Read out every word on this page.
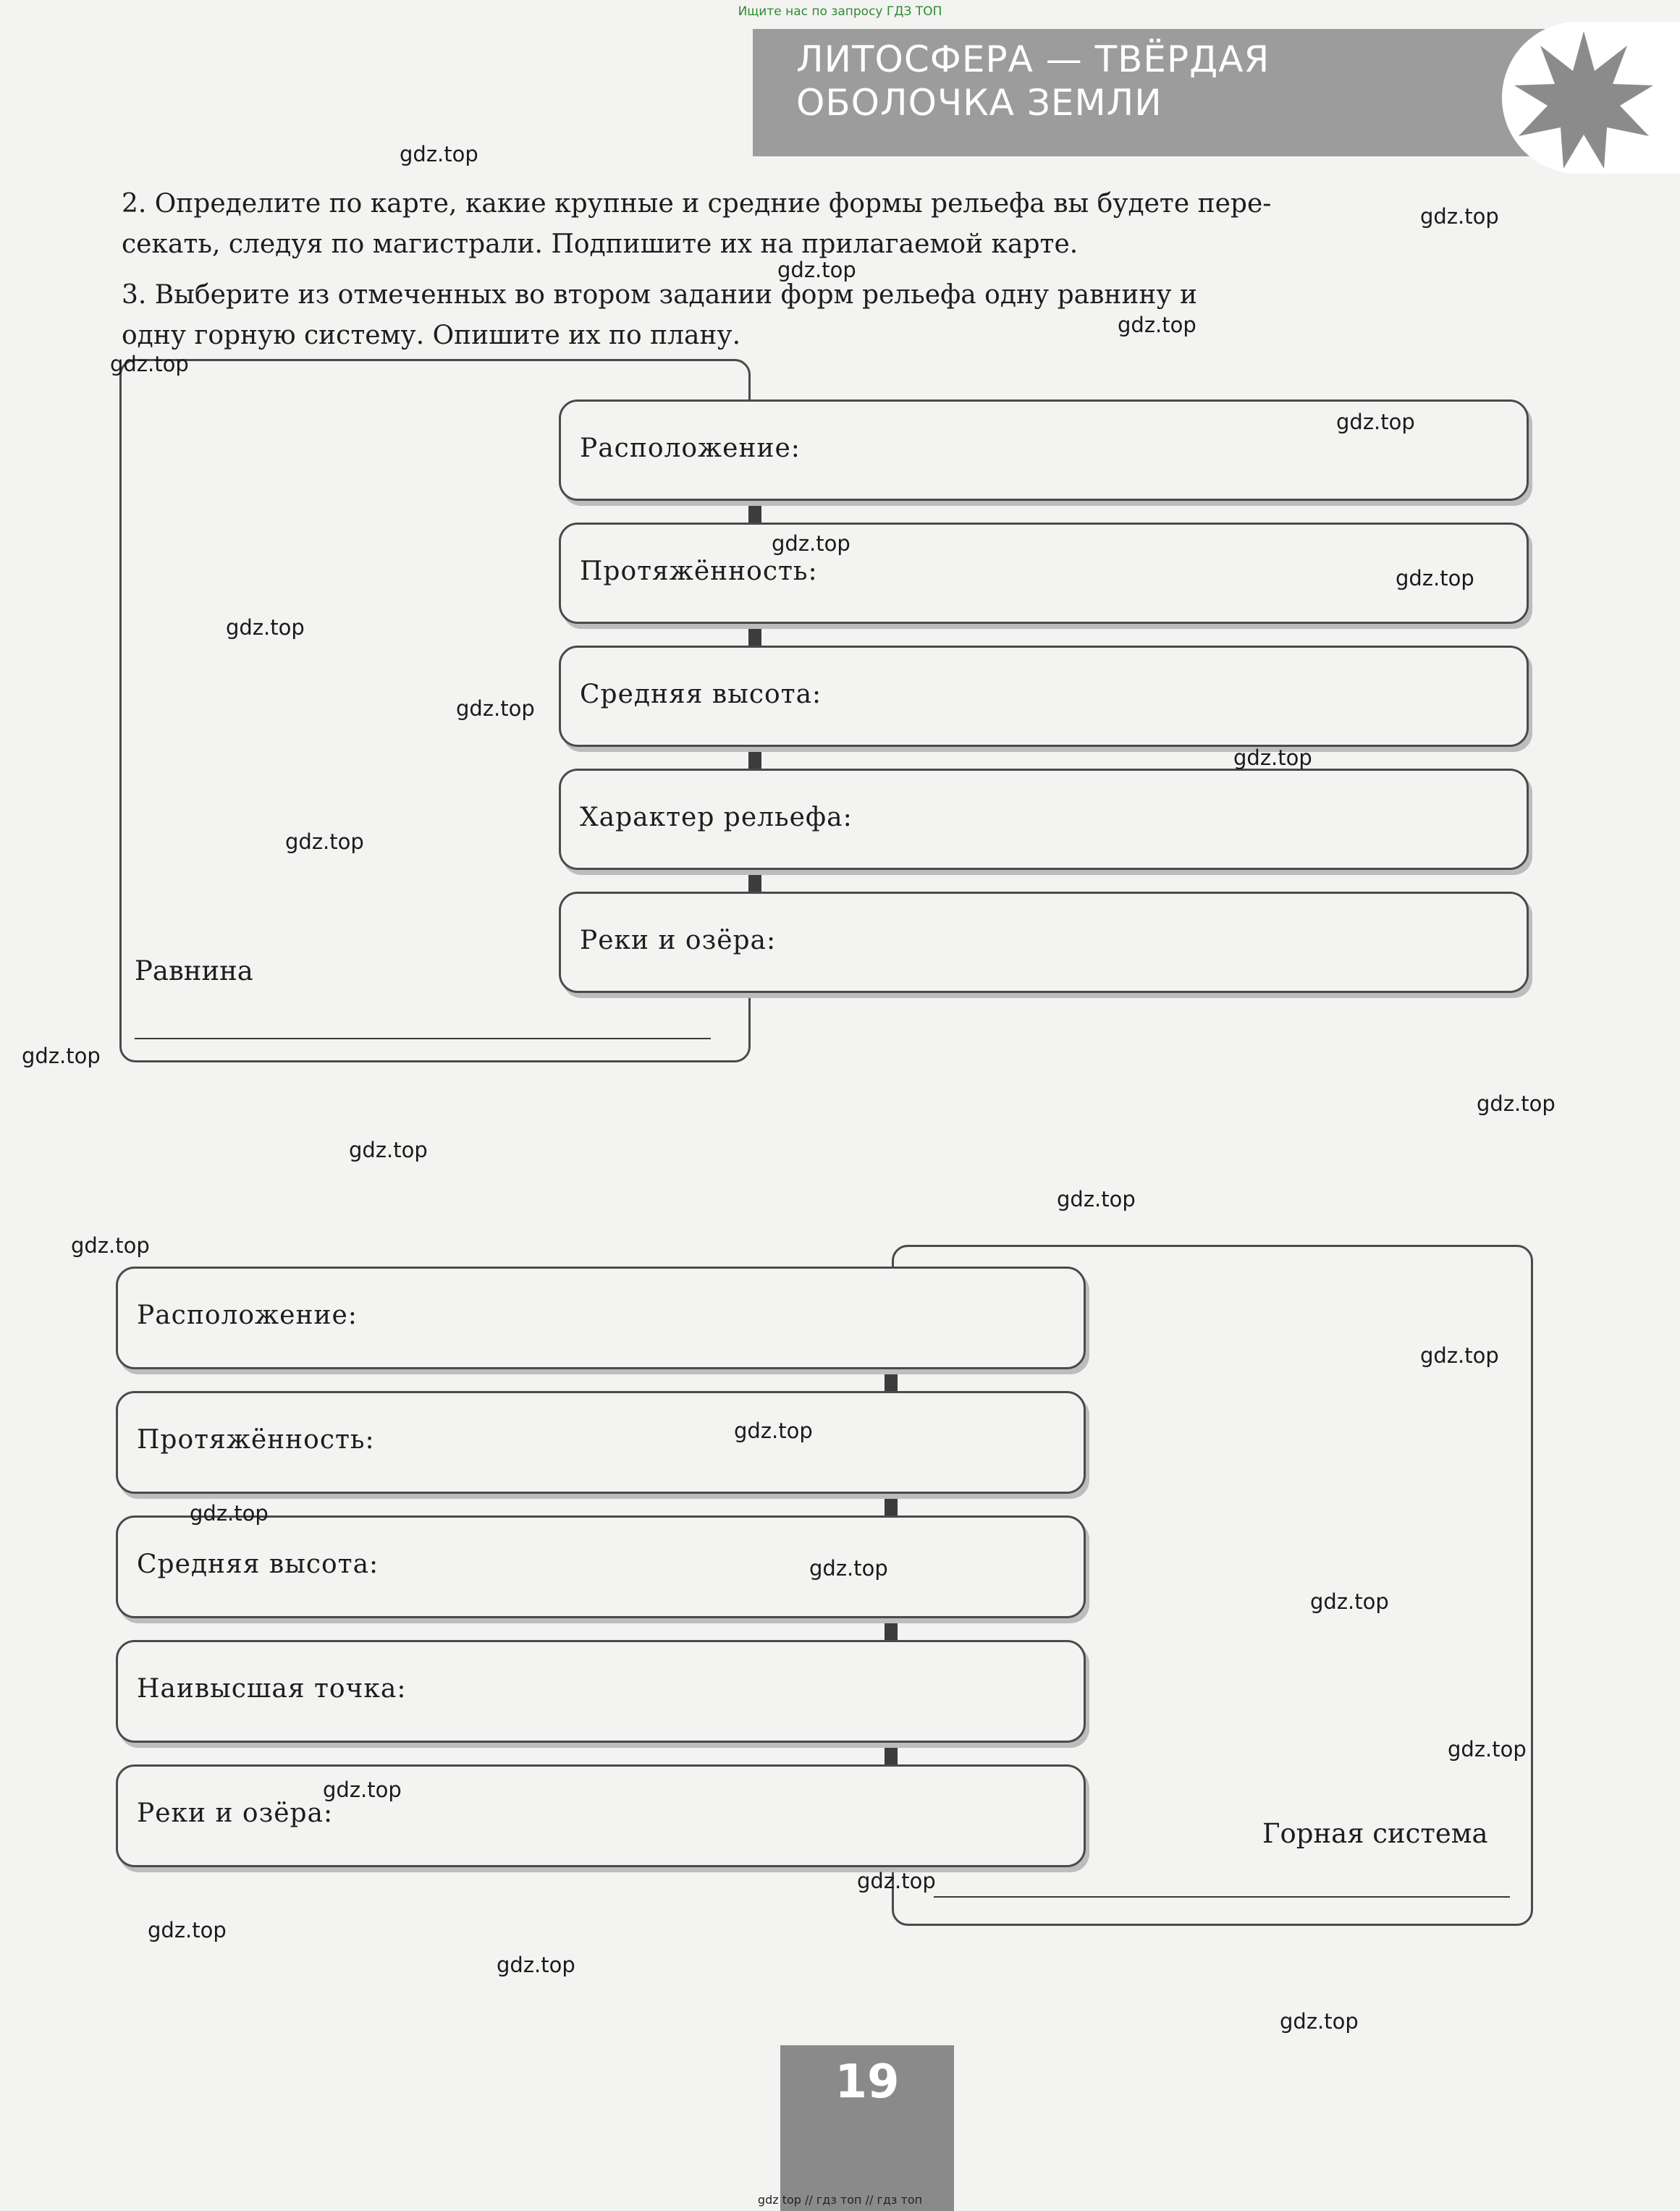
Ищите нас по запросу ГДЗ ТОП
ЛИТОСФЕРА — ТВЁРДАЯ
ОБОЛОЧКА ЗЕМЛИ
2. Определите по карте, какие крупные и средние формы рельефа вы будете пере-
секать, следуя по магистрали. Подпишите их на прилагаемой карте.
3. Выберите из отмеченных во втором задании форм рельефа одну равнину и
одну горную систему. Опишите их по плану.
Равнина
Расположение:
Протяжённость:
Средняя высота:
Характер рельефа:
Реки и озёра:
Горная система
Расположение:
Протяжённость:
Средняя высота:
Наивысшая точка:
Реки и озёра:
gdz.top
gdz.top
gdz.top
gdz.top
gdz.top
gdz.top
gdz.top
gdz.top
gdz.top
gdz.top
gdz.top
gdz.top
gdz.top
gdz.top
gdz.top
gdz.top
gdz.top
gdz.top
gdz.top
gdz.top
gdz.top
gdz.top
gdz.top
gdz.top
gdz.top
gdz.top
gdz.top
gdz.top
19
gdz top // гдз топ // гдз топ
